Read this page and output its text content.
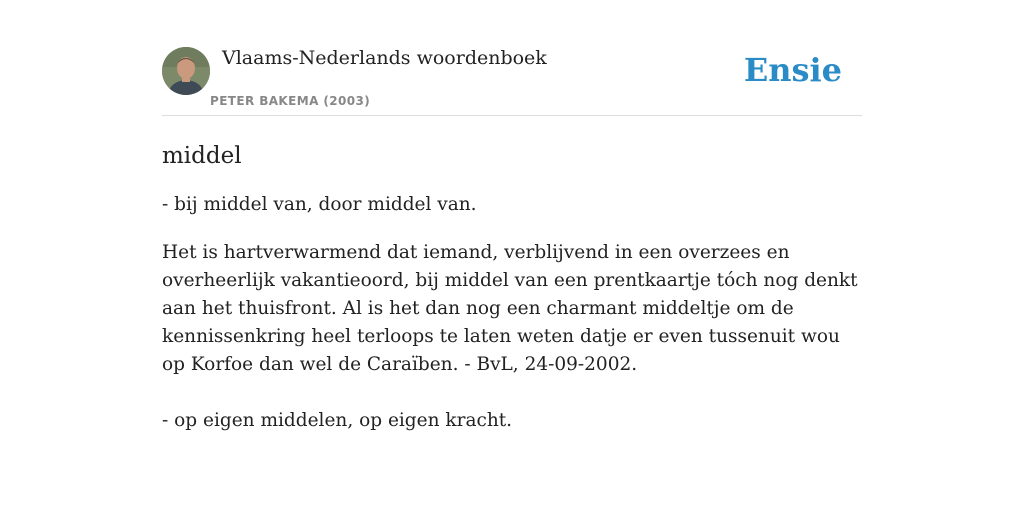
Vlaams-Nederlands woordenboek
PETER BAKEMA (2003)
Ensie
middel

- bij middel van, door middel van.

Het is hartverwarmend dat iemand, verblijvend in een overzees en overheerlijk vakantieoord, bij middel van een prentkaartje tóch nog denkt aan het thuisfront. Al is het dan nog een charmant middeltje om de kennissenkring heel terloops te laten weten datje er even tussenuit wou op Korfoe dan wel de Caraïben. - BvL, 24-09-2002.

- op eigen middelen, op eigen kracht.
